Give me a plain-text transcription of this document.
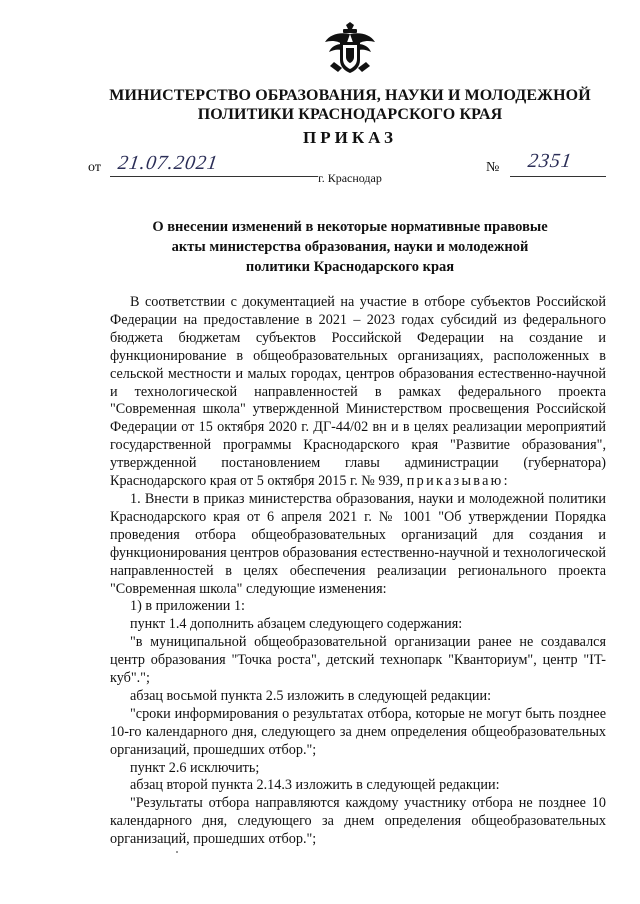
МИНИСТЕРСТВО ОБРАЗОВАНИЯ, НАУКИ И МОЛОДЕЖНОЙ
ПОЛИТИКИ КРАСНОДАРСКОГО КРАЯ
ПРИКАЗ
от 21.07.2021	№ 2351
г. Краснодар
О внесении изменений в некоторые нормативные правовые
акты министерства образования, науки и молодежной
политики Краснодарского края

В соответствии с документацией на участие в отборе субъектов Российской Федерации на предоставление в 2021 – 2023 годах субсидий из федерального бюджета бюджетам субъектов Российской Федерации на создание и функционирование в общеобразовательных организациях, расположенных в сельской местности и малых городах, центров образования естественно-научной и технологической направленностей в рамках федерального проекта "Современная школа" утвержденной Министерством просвещения Российской Федерации от 15 октября 2020 г. ДГ-44/02 вн и в целях реализации мероприятий государственной программы Краснодарского края "Развитие образования", утвержденной постановлением главы администрации (губернатора) Краснодарского края от 5 октября 2015 г. № 939, приказываю:

1. Внести в приказ министерства образования, науки и молодежной политики Краснодарского края от 6 апреля 2021 г. № 1001 "Об утверждении Порядка проведения отбора общеобразовательных организаций для создания и функционирования центров образования естественно-научной и технологической направленностей в целях обеспечения реализации регионального проекта "Современная школа" следующие изменения:

1) в приложении 1:

пункт 1.4 дополнить абзацем следующего содержания:

"в муниципальной общеобразовательной организации ранее не создавался центр образования "Точка роста", детский технопарк "Кванториум", центр "IT-куб".";

абзац восьмой пункта 2.5 изложить в следующей редакции:

"сроки информирования о результатах отбора, которые не могут быть позднее 10-го календарного дня, следующего за днем определения общеобразовательных организаций, прошедших отбор.";

пункт 2.6 исключить;

абзац второй пункта 2.14.3 изложить в следующей редакции:

"Результаты отбора направляются каждому участнику отбора не позднее 10 календарного дня, следующего за днем определения общеобразовательных организаций, прошедших отбор.";
